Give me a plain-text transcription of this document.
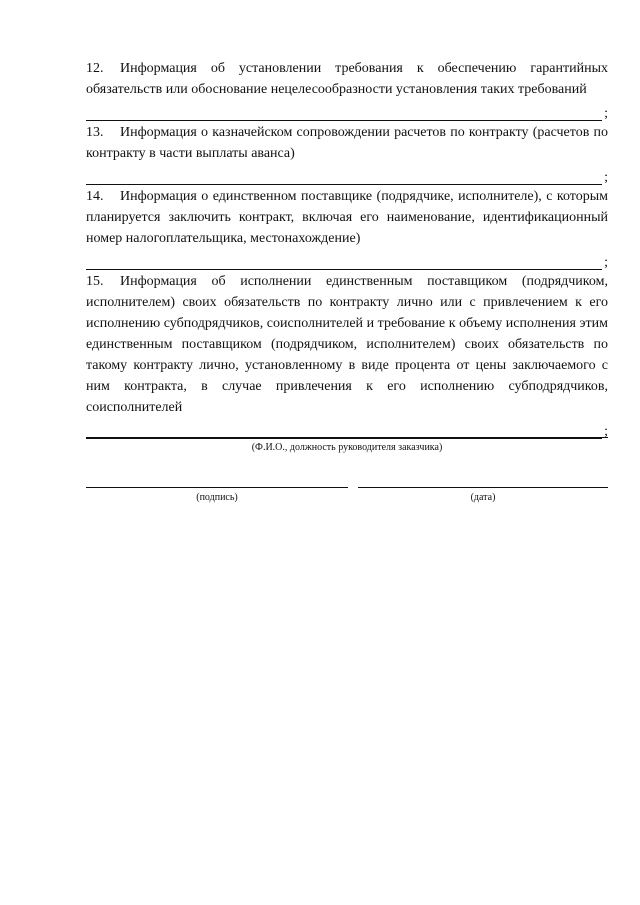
12. Информация об установлении требования к обеспечению гарантийных обязательств или обоснование нецелесообразности установления таких требований
;
13. Информация о казначейском сопровождении расчетов по контракту (расчетов по контракту в части выплаты аванса)
;
14. Информация о единственном поставщике (подрядчике, исполнителе), с которым планируется заключить контракт, включая его наименование, идентификационный номер налогоплательщика, местонахождение)
;
15. Информация об исполнении единственным поставщиком (подрядчиком, исполнителем) своих обязательств по контракту лично или с привлечением к его исполнению субподрядчиков, соисполнителей и требование к объему исполнения этим единственным поставщиком (подрядчиком, исполнителем) своих обязательств по такому контракту лично, установленному в виде процента от цены заключаемого с ним контракта, в случае привлечения к его исполнению субподрядчиков, соисполнителей
;
(Ф.И.О., должность руководителя заказчика)
(подпись)	(дата)
